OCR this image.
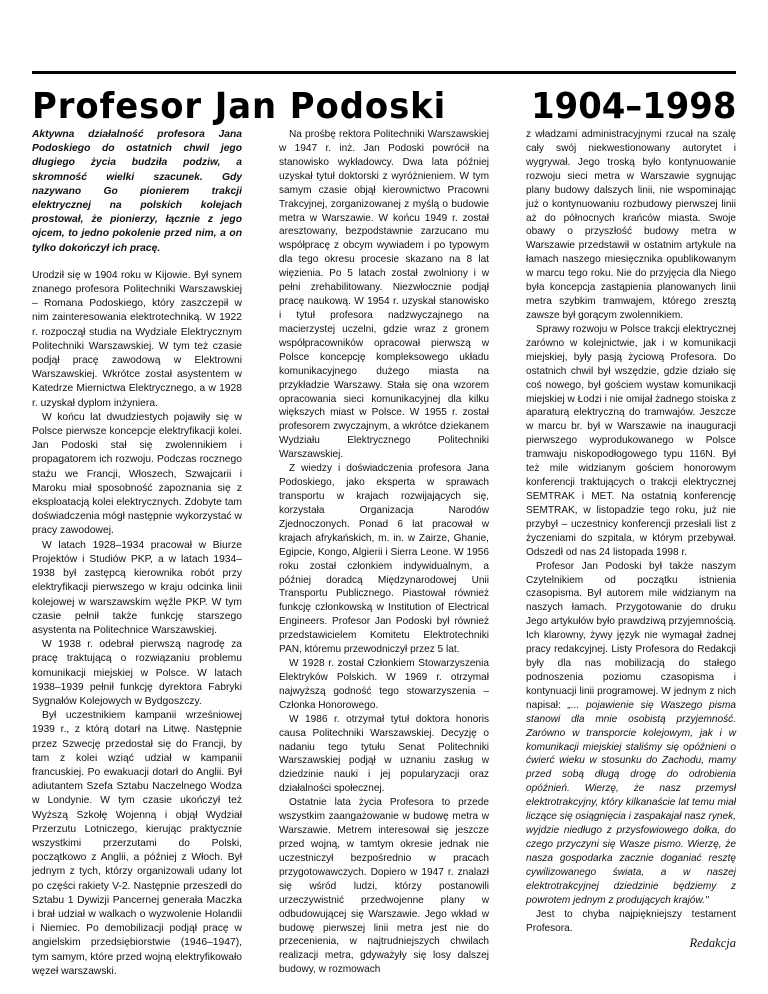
Profesor Jan Podoski 1904–1998

Aktywna działalność profesora Jana Podoskiego do ostatnich chwil jego długiego życia budziła podziw, a skromność wielki szacunek. Gdy nazywano Go pionierem trakcji elektrycznej na polskich kolejach prostował, że pionierzy, łącznie z jego ojcem, to jedno pokolenie przed nim, a on tylko dokończył ich pracę.

Urodził się w 1904 roku w Kijowie. Był synem znanego profesora Politechniki Warszawskiej – Romana Podoskiego, który zaszczepił w nim zainteresowania elektrotechniką. W 1922 r. rozpoczął studia na Wydziale Elektrycznym Politechniki Warszawskiej. W tym też czasie podjął pracę zawodową w Elektrowni Warszawskiej. Wkrótce został asystentem w Katedrze Miernictwa Elektrycznego, a w 1928 r. uzyskał dyplom inżyniera.

W końcu lat dwudziestych pojawiły się w Polsce pierwsze koncepcje elektryfikacji kolei. Jan Podoski stał się zwolennikiem i propagatorem ich rozwoju. Podczas rocznego stażu we Francji, Włoszech, Szwajcarii i Maroku miał sposobność zapoznania się z eksploatacją kolei elektrycznych. Zdobyte tam doświadczenia mógł następnie wykorzystać w pracy zawodowej.

W latach 1928–1934 pracował w Biurze Projektów i Studiów PKP, a w latach 1934–1938 był zastępcą kierownika robót przy elektryfikacji pierwszego w kraju odcinka linii kolejowej w warszawskim węźle PKP. W tym czasie pełnił także funkcję starszego asystenta na Politechnice Warszawskiej.

W 1938 r. odebrał pierwszą nagrodę za pracę traktującą o rozwiązaniu problemu komunikacji miejskiej w Polsce. W latach 1938–1939 pełnił funkcję dyrektora Fabryki Sygnałów Kolejowych w Bydgoszczy.

Był uczestnikiem kampanii wrześniowej 1939 r., z którą dotarł na Litwę. Następnie przez Szwecję przedostał się do Francji, by tam z kolei wziąć udział w kampanii francuskiej. Po ewakuacji dotarł do Anglii. Był adiutantem Szefa Sztabu Naczelnego Wodza w Londynie. W tym czasie ukończył też Wyższą Szkołę Wojenną i objął Wydział Przerzutu Lotniczego, kierując praktycznie wszystkimi przerzutami do Polski, początkowo z Anglii, a później z Włoch. Był jednym z tych, którzy organizowali udany lot po części rakiety V-2. Następnie przeszedł do Sztabu 1 Dywizji Pancernej generała Maczka i brał udział w walkach o wyzwolenie Holandii i Niemiec. Po demobilizacji podjął pracę w angielskim przedsiębiorstwie (1946–1947), tym samym, które przed wojną elektryfikowało węzeł warszawski.

Na prośbę rektora Politechniki Warszawskiej w 1947 r. inż. Jan Podoski powrócił na stanowisko wykładowcy. Dwa lata później uzyskał tytuł doktorski z wyróżnieniem. W tym samym czasie objął kierownictwo Pracowni Trakcyjnej, zorganizowanej z myślą o budowie metra w Warszawie. W końcu 1949 r. został aresztowany, bezpodstawnie zarzucano mu współpracę z obcym wywiadem i po typowym dla tego okresu procesie skazano na 8 lat więzienia. Po 5 latach został zwolniony i w pełni zrehabilitowany. Niezwłocznie podjął pracę naukową. W 1954 r. uzyskał stanowisko i tytuł profesora nadzwyczajnego na macierzystej uczelni, gdzie wraz z gronem współpracowników opracował pierwszą w Polsce koncepcję kompleksowego układu komunikacyjnego dużego miasta na przykładzie Warszawy. Stała się ona wzorem opracowania sieci komunikacyjnej dla kilku większych miast w Polsce. W 1955 r. został profesorem zwyczajnym, a wkrótce dziekanem Wydziału Elektrycznego Politechniki Warszawskiej.

Z wiedzy i doświadczenia profesora Jana Podoskiego, jako eksperta w sprawach transportu w krajach rozwijających się, korzystała Organizacja Narodów Zjednoczonych. Ponad 6 lat pracował w krajach afrykańskich, m. in. w Zairze, Ghanie, Egipcie, Kongo, Algierii i Sierra Leone. W 1956 roku został członkiem indywidualnym, a później doradcą Międzynarodowej Unii Transportu Publicznego. Piastował również funkcję członkowską w Institution of Electrical Engineers. Profesor Jan Podoski był również przedstawicielem Komitetu Elektrotechniki PAN, któremu przewodniczył przez 5 lat.

W 1928 r. został Członkiem Stowarzyszenia Elektryków Polskich. W 1969 r. otrzymał najwyższą godność tego stowarzyszenia – Członka Honorowego.

W 1986 r. otrzymał tytuł doktora honoris causa Politechniki Warszawskiej. Decyzję o nadaniu tego tytułu Senat Politechniki Warszawskiej podjął w uznaniu zasług w dziedzinie nauki i jej popularyzacji oraz działalności społecznej.

Ostatnie lata życia Profesora to przede wszystkim zaangażowanie w budowę metra w Warszawie. Metrem interesował się jeszcze przed wojną, w tamtym okresie jednak nie uczestniczył bezpośrednio w pracach przygotowawczych. Dopiero w 1947 r. znalazł się wśród ludzi, którzy postanowili urzeczywistnić przedwojenne plany w odbudowującej się Warszawie. Jego wkład w budowę pierwszej linii metra jest nie do przecenienia, w najtrudniejszych chwilach realizacji metra, gdyważyły się losy dalszej budowy, w rozmowach

z władzami administracyjnymi rzucał na szalę cały swój niekwestionowany autorytet i wygrywał. Jego troską było kontynuowanie rozwoju sieci metra w Warszawie sygnując plany budowy dalszych linii, nie wspominając już o kontynuowaniu rozbudowy pierwszej linii aż do północnych krańców miasta. Swoje obawy o przyszłość budowy metra w Warszawie przedstawił w ostatnim artykule na łamach naszego miesięcznika opublikowanym w marcu tego roku. Nie do przyjęcia dla Niego była koncepcja zastąpienia planowanych linii metra szybkim tramwajem, którego zresztą zawsze był gorącym zwolennikiem.

Sprawy rozwoju w Polsce trakcji elektrycznej zarówno w kolejnictwie, jak i w komunikacji miejskiej, były pasją życiową Profesora. Do ostatnich chwil był wszędzie, gdzie działo się coś nowego, był gościem wystaw komunikacji miejskiej w Łodzi i nie omijał żadnego stoiska z aparaturą elektryczną do tramwajów. Jeszcze w marcu br. był w Warszawie na inauguracji pierwszego wyprodukowanego w Polsce tramwaju niskopodłogowego typu 116N. Był też mile widzianym gościem honorowym konferencji traktujących o trakcji elektrycznej SEMTRAK i MET. Na ostatnią konferencję SEMTRAK, w listopadzie tego roku, już nie przybył – uczestnicy konferencji przesłali list z życzeniami do szpitala, w którym przebywał. Odszedł od nas 24 listopada 1998 r.

Profesor Jan Podoski był także naszym Czytelnikiem od początku istnienia czasopisma. Był autorem mile widzianym na naszych łamach. Przygotowanie do druku Jego artykułów było prawdziwą przyjemnością. Ich klarowny, żywy język nie wymagał żadnej pracy redakcyjnej. Listy Profesora do Redakcji były dla nas mobilizacją do stałego podnoszenia poziomu czasopisma i kontynuacji linii programowej. W jednym z nich napisał: „... pojawienie się Waszego pisma stanowi dla mnie osobistą przyjemność. Zarówno w transporcie kolejowym, jak i w komunikacji miejskiej staliśmy się opóźnieni o ćwierć wieku w stosunku do Zachodu, mamy przed sobą długą drogę do odrobienia opóźnień. Wierzę, że nasz przemysł elektrotrakcyjny, który kilkanaście lat temu miał liczące się osiągnięcia i zaspakajał nasz rynek, wyjdzie niedługo z przysfowiowego dołka, do czego przyczyni się Wasze pismo. Wierzę, że nasza gospodarka zacznie doganiać resztę cywilizowanego świata, a w naszej elektrotrakcyjnej dziedzinie będziemy z powrotem jednym z produjących krajów."

Jest to chyba najpiękniejszy testament Profesora.

Redakcja
